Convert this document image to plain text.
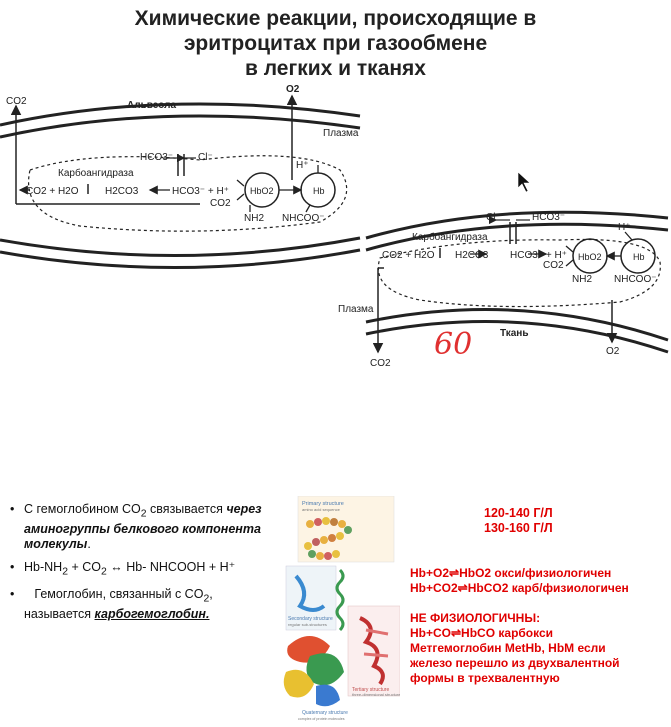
Химические реакции, происходящие в
эритроцитах при газообмене
в легких и тканях
CO2	Альвеола
O2
Плазма
HCO3⁻ Cl⁻
H⁺
Карбоангидраза
CO2 + H2O	H2CO3	HCO3⁻ + H⁺
CO2
HbO2	Hb
NH2 NHCOO⁻	Cl⁻	HCO3⁻
H⁺
Карбоангидраза
CO2 + H2O H2CO3 HCO3⁻ + H⁺
CO2
HbO2	Hb
NH2 NHCOO⁻
Плазма
Ткань
CO2
O2
60
• С гемоглобином $CO_2$ связывается через аминогруппы белкового компонента молекулы.
• $Hb-NH_2 + CO_2$ ↔ Hb- NHCOOH + H⁺
• Гемоглобин, связанный с $CO_2$, называется карбогемоглобин.
Primary structure
amino acid sequence
Secondary structure
regular sub-structures
Tertiary structure
three-dimensional structure
Quaternary structure
complex of protein molecules
120-140 Г/Л
130-160 Г/Л
Hb+O2⇌HbO2 окси/физиологичен
Hb+CO2⇌HbCO2 карб/физиологичен
НЕ ФИЗИОЛОГИЧНЫ:
Hb+CO⇌HbCO карбокси
Метгемоглобин MetHb, HbM если
железо перешло из двухвалентной
формы в трехвалентную
